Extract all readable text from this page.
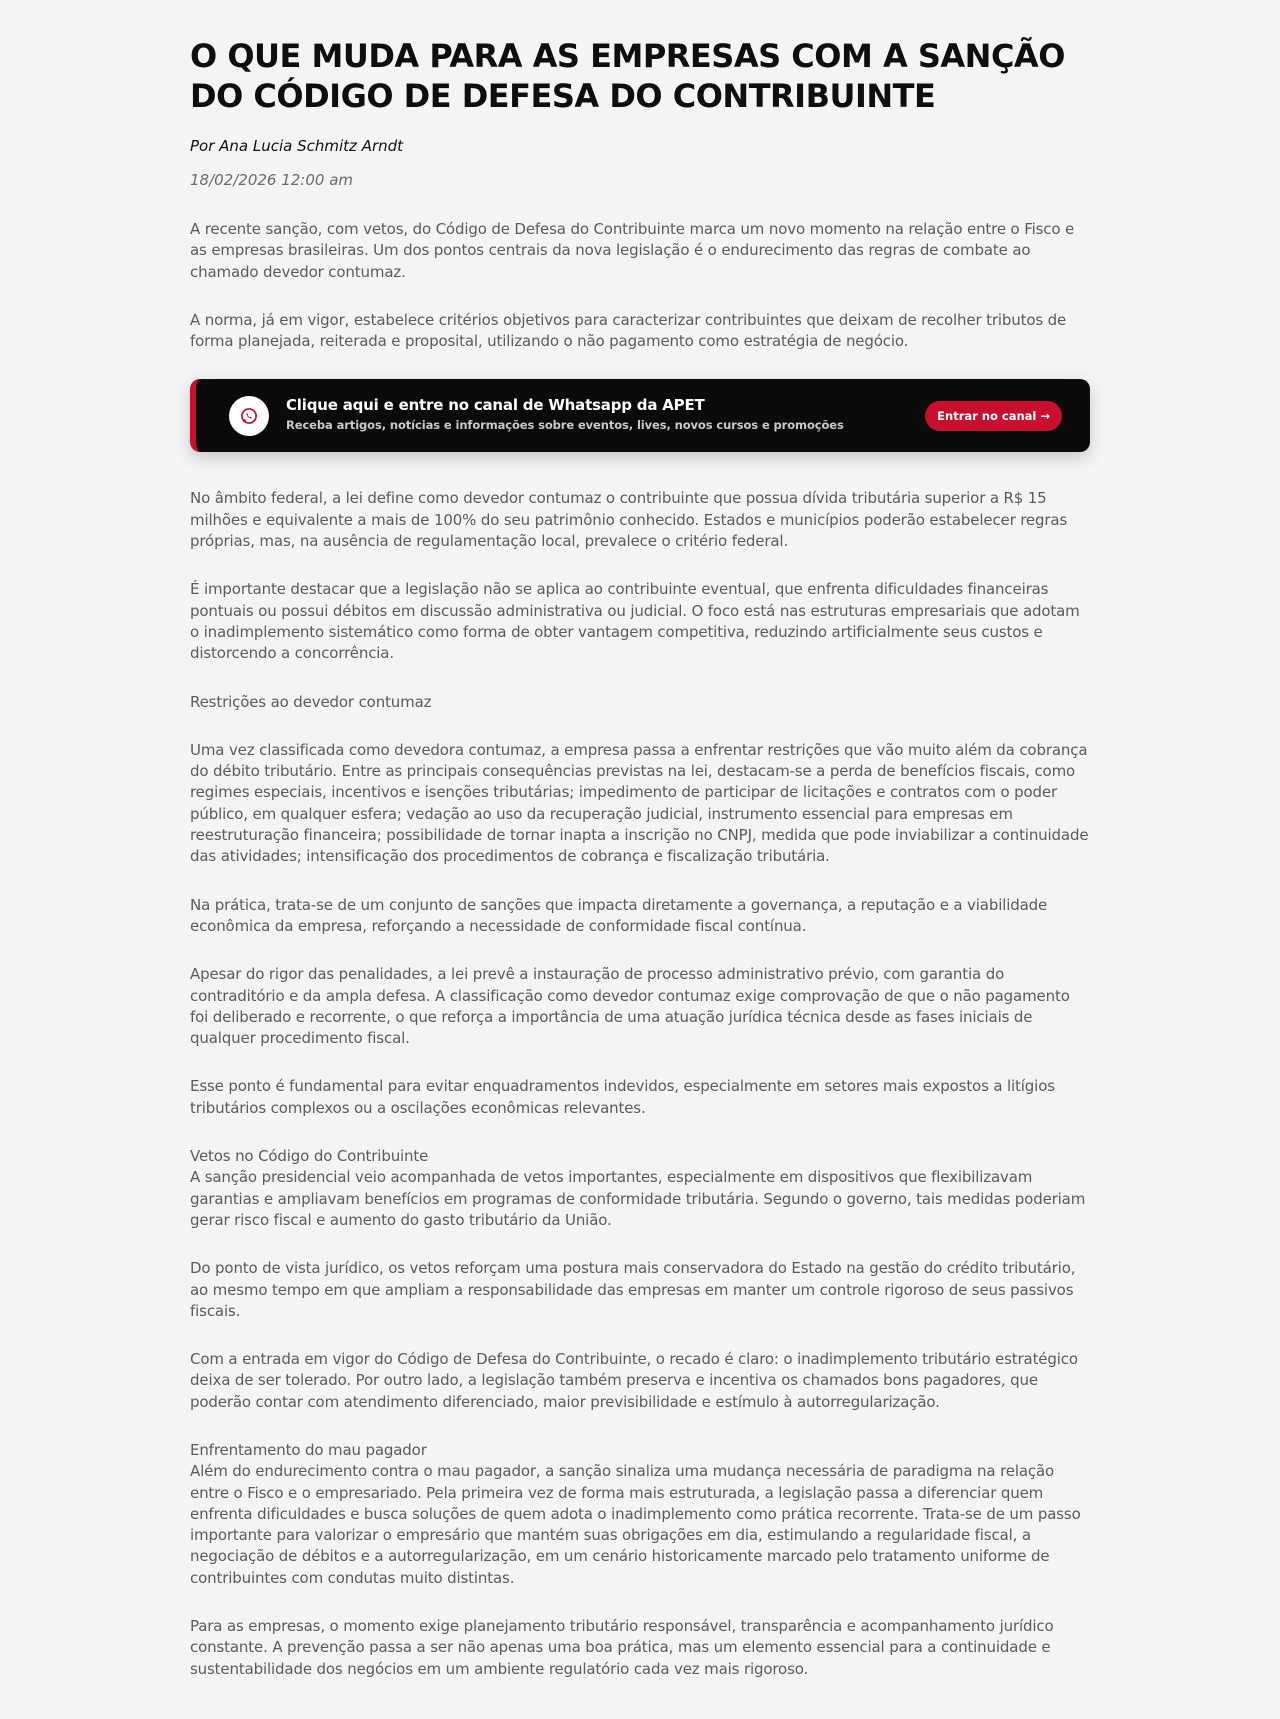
O QUE MUDA PARA AS EMPRESAS COM A SANÇÃO DO CÓDIGO DE DEFESA DO CONTRIBUINTE
Por Ana Lucia Schmitz Arndt
18/02/2026 12:00 am

A recente sanção, com vetos, do Código de Defesa do Contribuinte marca um novo momento na relação entre o Fisco e as empresas brasileiras. Um dos pontos centrais da nova legislação é o endurecimento das regras de combate ao chamado devedor contumaz.

A norma, já em vigor, estabelece critérios objetivos para caracterizar contribuintes que deixam de recolher tributos de forma planejada, reiterada e proposital, utilizando o não pagamento como estratégia de negócio.

Clique aqui e entre no canal de Whatsapp da APET
Receba artigos, notícias e informações sobre eventos, lives, novos cursos e promoções
Entrar no canal →

No âmbito federal, a lei define como devedor contumaz o contribuinte que possua dívida tributária superior a R$ 15 milhões e equivalente a mais de 100% do seu patrimônio conhecido. Estados e municípios poderão estabelecer regras próprias, mas, na ausência de regulamentação local, prevalece o critério federal.

É importante destacar que a legislação não se aplica ao contribuinte eventual, que enfrenta dificuldades financeiras pontuais ou possui débitos em discussão administrativa ou judicial. O foco está nas estruturas empresariais que adotam o inadimplemento sistemático como forma de obter vantagem competitiva, reduzindo artificialmente seus custos e distorcendo a concorrência.

Restrições ao devedor contumaz

Uma vez classificada como devedora contumaz, a empresa passa a enfrentar restrições que vão muito além da cobrança do débito tributário. Entre as principais consequências previstas na lei, destacam-se a perda de benefícios fiscais, como regimes especiais, incentivos e isenções tributárias; impedimento de participar de licitações e contratos com o poder público, em qualquer esfera; vedação ao uso da recuperação judicial, instrumento essencial para empresas em reestruturação financeira; possibilidade de tornar inapta a inscrição no CNPJ, medida que pode inviabilizar a continuidade das atividades; intensificação dos procedimentos de cobrança e fiscalização tributária.

Na prática, trata-se de um conjunto de sanções que impacta diretamente a governança, a reputação e a viabilidade econômica da empresa, reforçando a necessidade de conformidade fiscal contínua.

Apesar do rigor das penalidades, a lei prevê a instauração de processo administrativo prévio, com garantia do contraditório e da ampla defesa. A classificação como devedor contumaz exige comprovação de que o não pagamento foi deliberado e recorrente, o que reforça a importância de uma atuação jurídica técnica desde as fases iniciais de qualquer procedimento fiscal.

Esse ponto é fundamental para evitar enquadramentos indevidos, especialmente em setores mais expostos a litígios tributários complexos ou a oscilações econômicas relevantes.

Vetos no Código do Contribuinte
A sanção presidencial veio acompanhada de vetos importantes, especialmente em dispositivos que flexibilizavam garantias e ampliavam benefícios em programas de conformidade tributária. Segundo o governo, tais medidas poderiam gerar risco fiscal e aumento do gasto tributário da União.

Do ponto de vista jurídico, os vetos reforçam uma postura mais conservadora do Estado na gestão do crédito tributário, ao mesmo tempo em que ampliam a responsabilidade das empresas em manter um controle rigoroso de seus passivos fiscais.

Com a entrada em vigor do Código de Defesa do Contribuinte, o recado é claro: o inadimplemento tributário estratégico deixa de ser tolerado. Por outro lado, a legislação também preserva e incentiva os chamados bons pagadores, que poderão contar com atendimento diferenciado, maior previsibilidade e estímulo à autorregularização.

Enfrentamento do mau pagador
Além do endurecimento contra o mau pagador, a sanção sinaliza uma mudança necessária de paradigma na relação entre o Fisco e o empresariado. Pela primeira vez de forma mais estruturada, a legislação passa a diferenciar quem enfrenta dificuldades e busca soluções de quem adota o inadimplemento como prática recorrente. Trata-se de um passo importante para valorizar o empresário que mantém suas obrigações em dia, estimulando a regularidade fiscal, a negociação de débitos e a autorregularização, em um cenário historicamente marcado pelo tratamento uniforme de contribuintes com condutas muito distintas.

Para as empresas, o momento exige planejamento tributário responsável, transparência e acompanhamento jurídico constante. A prevenção passa a ser não apenas uma boa prática, mas um elemento essencial para a continuidade e sustentabilidade dos negócios em um ambiente regulatório cada vez mais rigoroso.
